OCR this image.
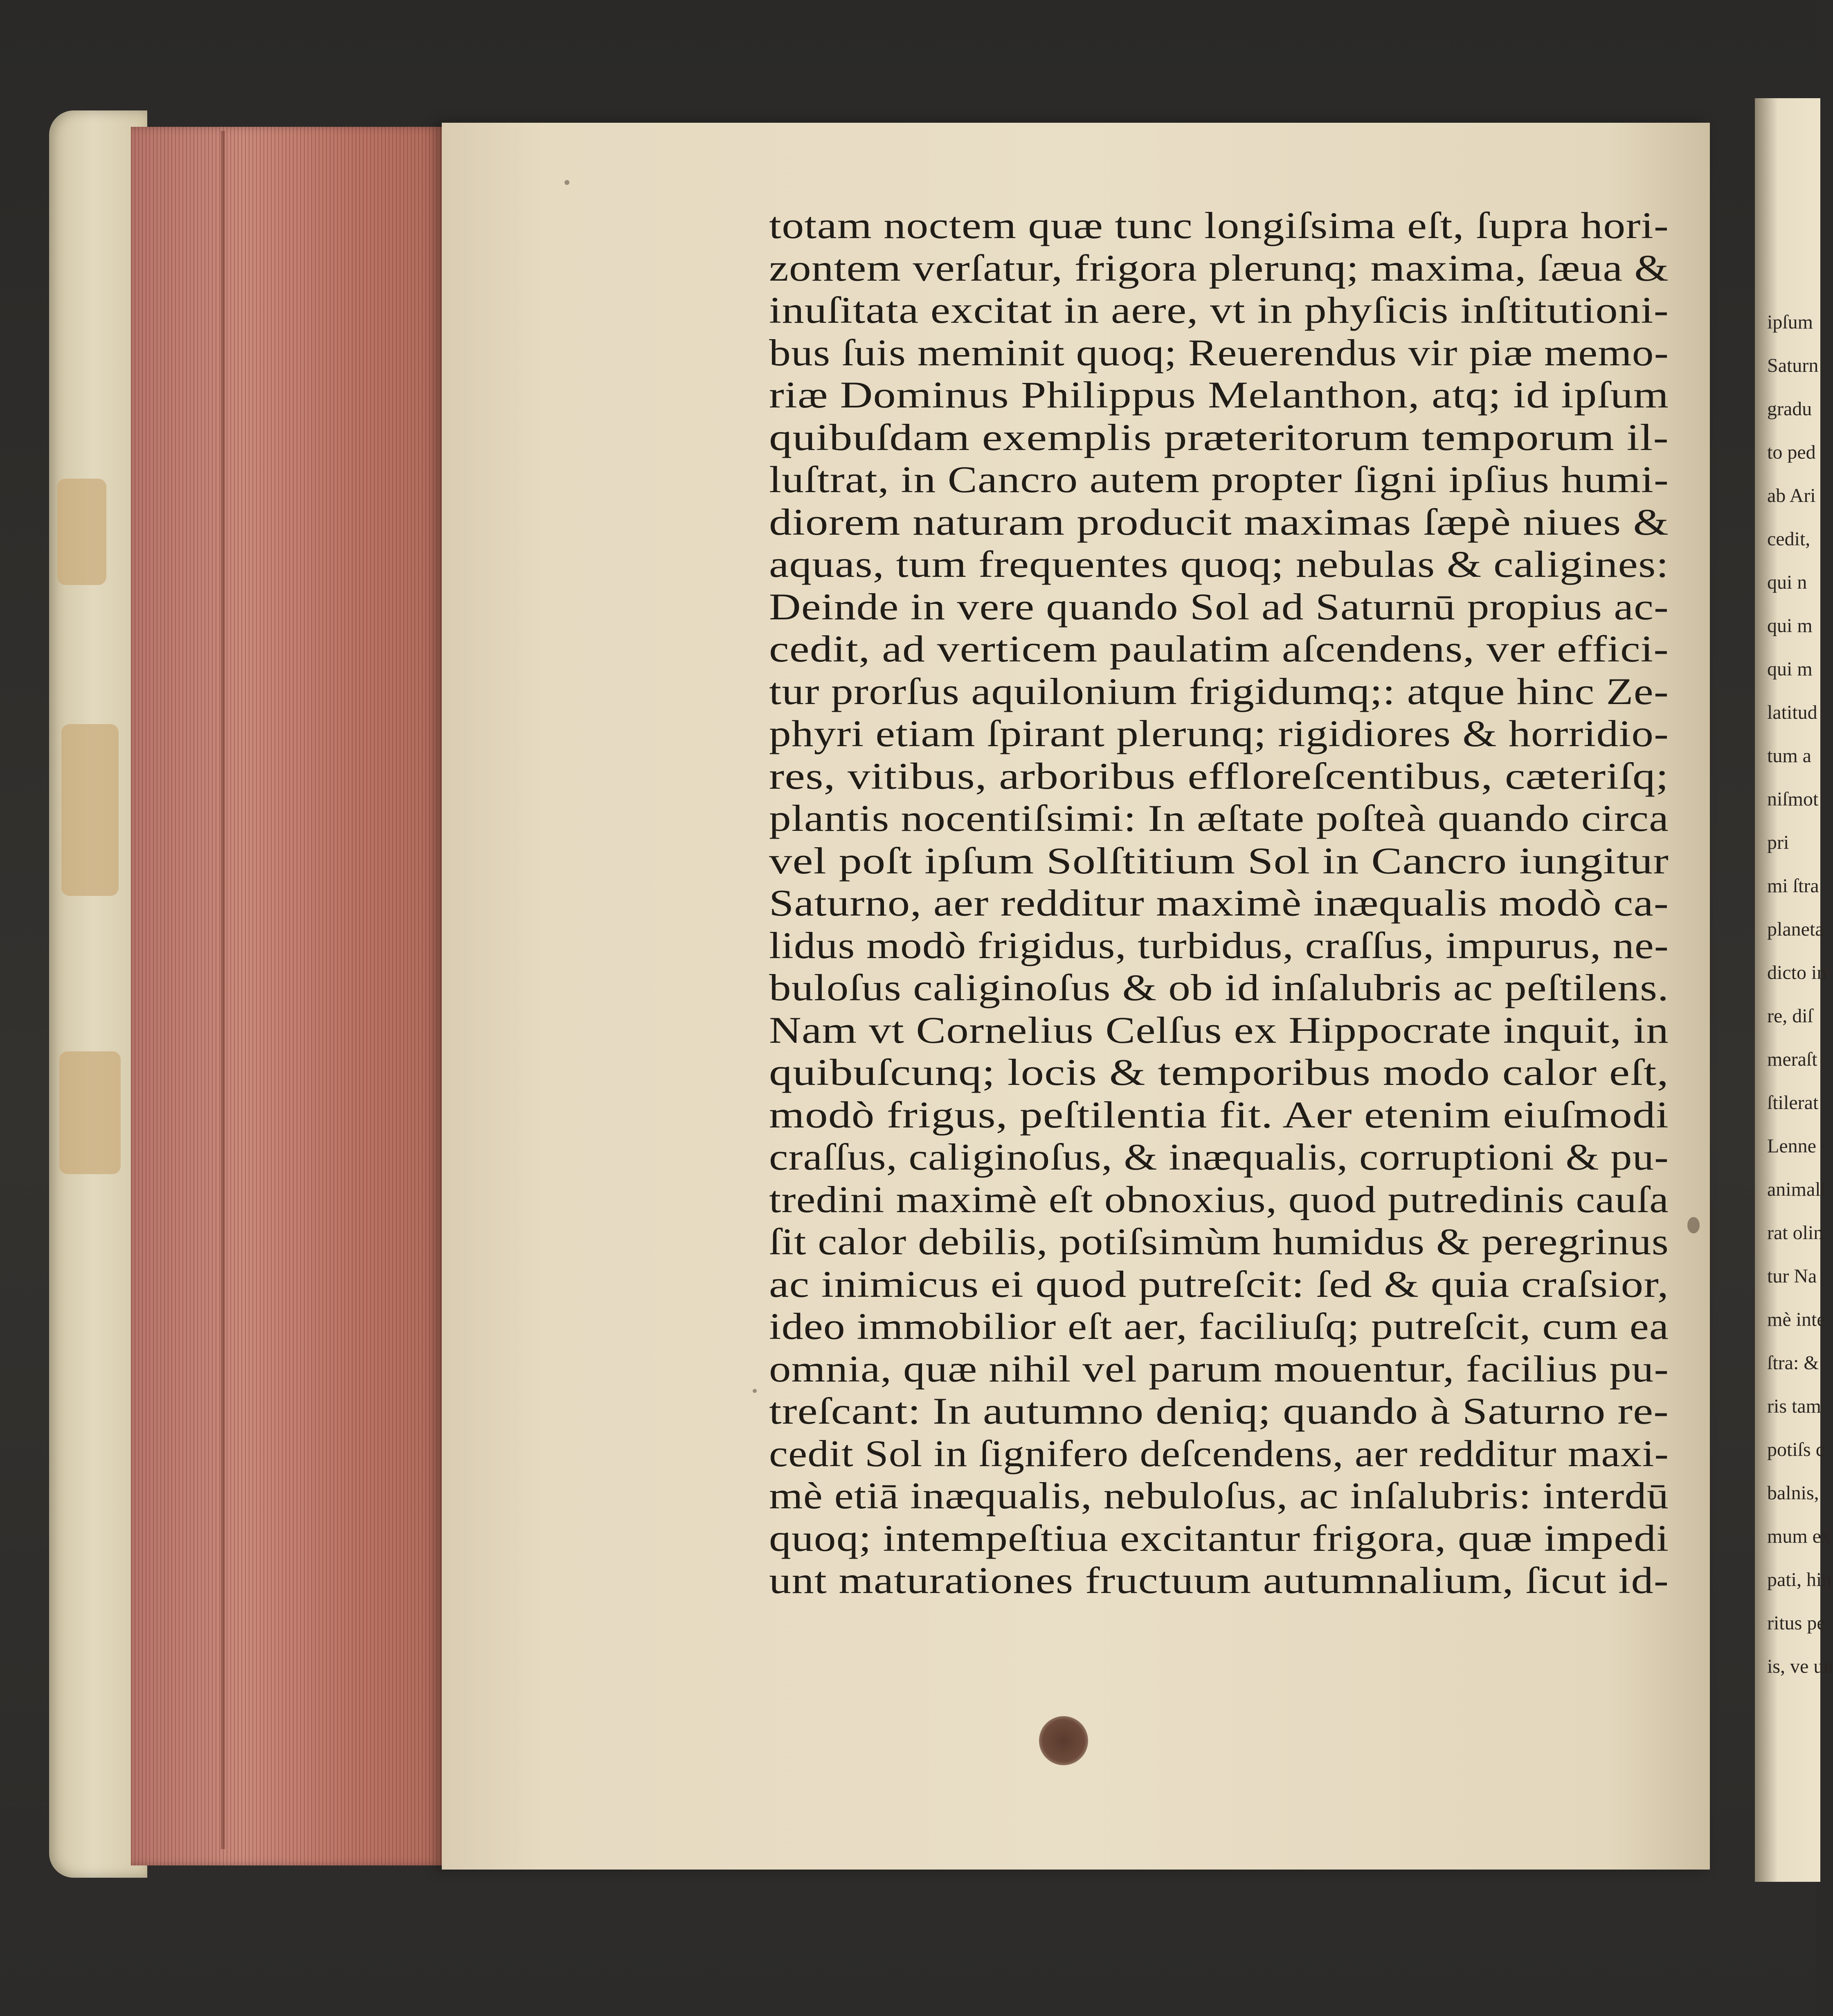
ipſum
Saturn
gradu
to ped
ab Ari
cedit,
qui n
qui m
qui m
latitud
tum a
niſmot
pri
mi ſtra
planeta
dicto in
re, diſ
meraſt
ſtilerat
Lenne
animali
rat olin
tur Na
mè inte
ſtra: &
ris tam
potiſs c
balnis,
mum ex
pati, hin
ritus pe
is, ve un
totam noctem quæ tunc longiſsima eſt, ſupra hori-
zontem verſatur, frigora plerunq; maxima, ſæua &
inuſitata excitat in aere, vt in phyſicis inſtitutioni-
bus ſuis meminit quoq; Reuerendus vir piæ memo-
riæ Dominus Philippus Melanthon, atq; id ipſum
quibuſdam exemplis præteritorum temporum il-
luſtrat, in Cancro autem propter ſigni ipſius humi-
diorem naturam producit maximas ſæpè niues &
aquas, tum frequentes quoq; nebulas & caligines:
Deinde in vere quando Sol ad Saturnū propius ac-
cedit, ad verticem paulatim aſcendens, ver effici-
tur prorſus aquilonium frigidumq;: atque hinc Ze-
phyri etiam ſpirant plerunq; rigidiores & horridio-
res, vitibus, arboribus effloreſcentibus, cæteriſq;
plantis nocentiſsimi: In æſtate poſteà quando circa
vel poſt ipſum Solſtitium Sol in Cancro iungitur
Saturno, aer redditur maximè inæqualis modò ca-
lidus modò frigidus, turbidus, craſſus, impurus, ne-
buloſus caliginoſus & ob id inſalubris ac peſtilens.
Nam vt Cornelius Celſus ex Hippocrate inquit, in
quibuſcunq; locis & temporibus modo calor eſt,
modò frigus, peſtilentia fit. Aer etenim eiuſmodi
craſſus, caliginoſus, & inæqualis, corruptioni & pu-
tredini maximè eſt obnoxius, quod putredinis cauſa
ſit calor debilis, potiſsimùm humidus & peregrinus
ac inimicus ei quod putreſcit: ſed & quia craſsior,
ideo immobilior eſt aer, faciliuſq; putreſcit, cum ea
omnia, quæ nihil vel parum mouentur, facilius pu-
treſcant: In autumno deniq; quando à Saturno re-
cedit Sol in ſignifero deſcendens, aer redditur maxi-
mè etiā inæqualis, nebuloſus, ac inſalubris: interdū
quoq; intempeſtiua excitantur frigora, quæ impedi
unt maturationes fructuum autumnalium, ſicut id-
